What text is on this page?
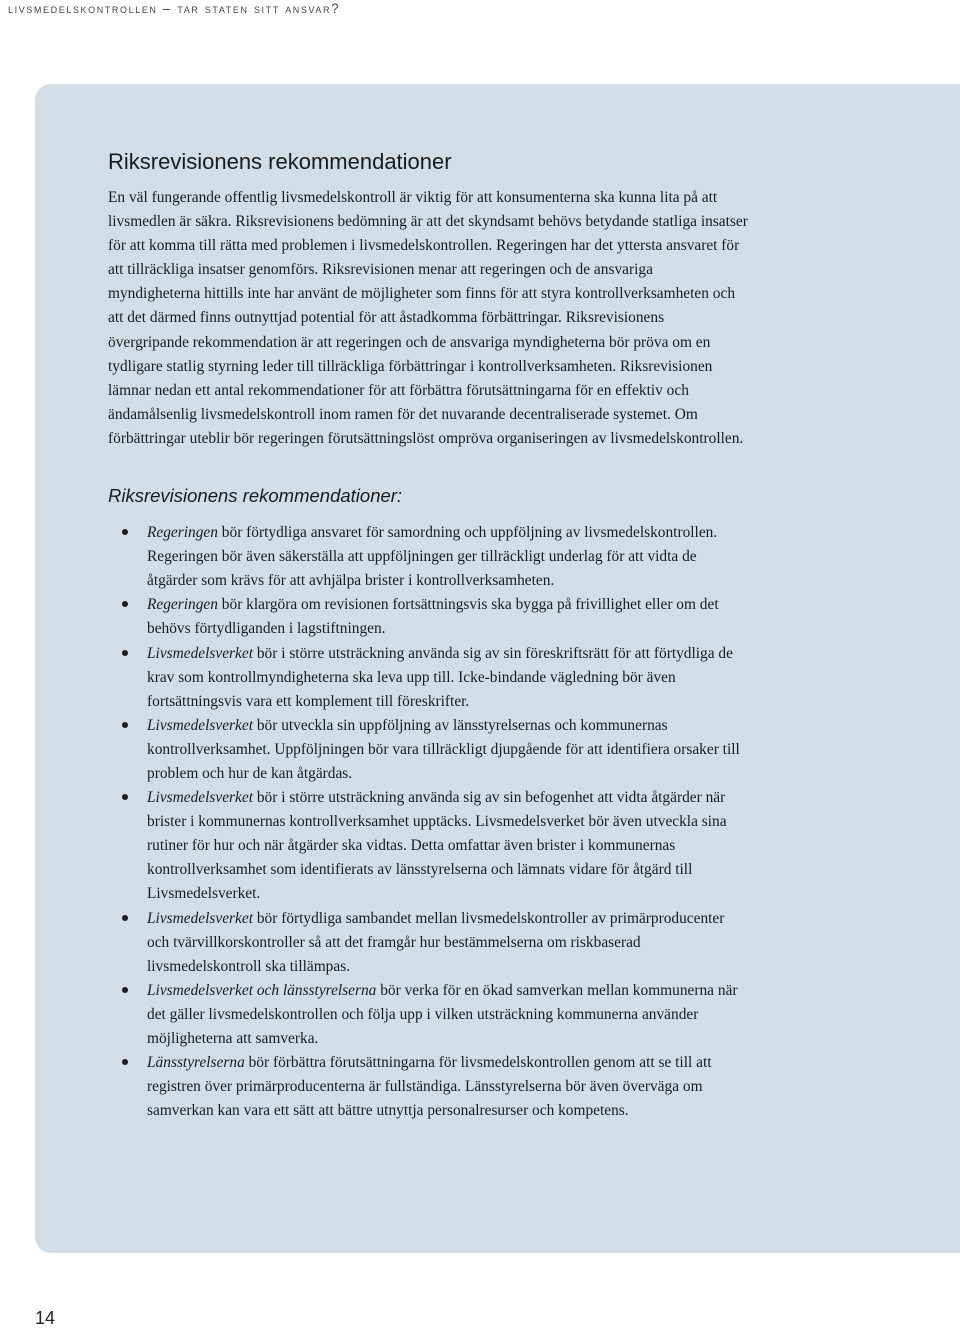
livsmedelskontrollen – tar staten sitt ansvar?
Riksrevisionens rekommendationer

En väl fungerande offentlig livsmedelskontroll är viktig för att konsumenterna ska kunna lita på att livsmedlen är säkra. Riksrevisionens bedömning är att det skyndsamt behövs betydande statliga insatser för att komma till rätta med problemen i livsmedelskontrollen. Regeringen har det yttersta ansvaret för att tillräckliga insatser genomförs. Riksrevisionen menar att regeringen och de ansvariga myndigheterna hittills inte har använt de möjligheter som finns för att styra kontrollverksamheten och att det därmed finns outnyttjad potential för att åstadkomma förbättringar. Riksrevisionens övergripande rekommendation är att regeringen och de ansvariga myndigheterna bör pröva om en tydligare statlig styrning leder till tillräckliga förbättringar i kontrollverksamheten. Riksrevisionen lämnar nedan ett antal rekommendationer för att förbättra förutsättningarna för en effektiv och ändamålsenlig livsmedelskontroll inom ramen för det nuvarande decentraliserade systemet. Om förbättringar uteblir bör regeringen förutsättningslöst ompröva organiseringen av livsmedelskontrollen.

Riksrevisionens rekommendationer:
Regeringen bör förtydliga ansvaret för samordning och uppföljning av livsmedelskontrollen. Regeringen bör även säkerställa att uppföljningen ger tillräckligt underlag för att vidta de åtgärder som krävs för att avhjälpa brister i kontrollverksamheten.
Regeringen bör klargöra om revisionen fortsättningsvis ska bygga på frivillighet eller om det behövs förtydliganden i lagstiftningen.
Livsmedelsverket bör i större utsträckning använda sig av sin föreskriftsrätt för att förtydliga de krav som kontrollmyndigheterna ska leva upp till. Icke-bindande vägledning bör även fortsättningsvis vara ett komplement till föreskrifter.
Livsmedelsverket bör utveckla sin uppföljning av länsstyrelsernas och kommunernas kontrollverksamhet. Uppföljningen bör vara tillräckligt djupgående för att identifiera orsaker till problem och hur de kan åtgärdas.
Livsmedelsverket bör i större utsträckning använda sig av sin befogenhet att vidta åtgärder när brister i kommunernas kontrollverksamhet upptäcks. Livsmedelsverket bör även utveckla sina rutiner för hur och när åtgärder ska vidtas. Detta omfattar även brister i kommunernas kontrollverksamhet som identifierats av länsstyrelserna och lämnats vidare för åtgärd till Livsmedelsverket.
Livsmedelsverket bör förtydliga sambandet mellan livsmedelskontroller av primärproducenter och tvärvillkorskontroller så att det framgår hur bestämmelserna om riskbaserad livsmedelskontroll ska tillämpas.
Livsmedelsverket och länsstyrelserna bör verka för en ökad samverkan mellan kommunerna när det gäller livsmedelskontrollen och följa upp i vilken utsträckning kommunerna använder möjligheterna att samverka.
Länsstyrelserna bör förbättra förutsättningarna för livsmedelskontrollen genom att se till att registren över primärproducenterna är fullständiga. Länsstyrelserna bör även överväga om samverkan kan vara ett sätt att bättre utnyttja personalresurser och kompetens.
14
